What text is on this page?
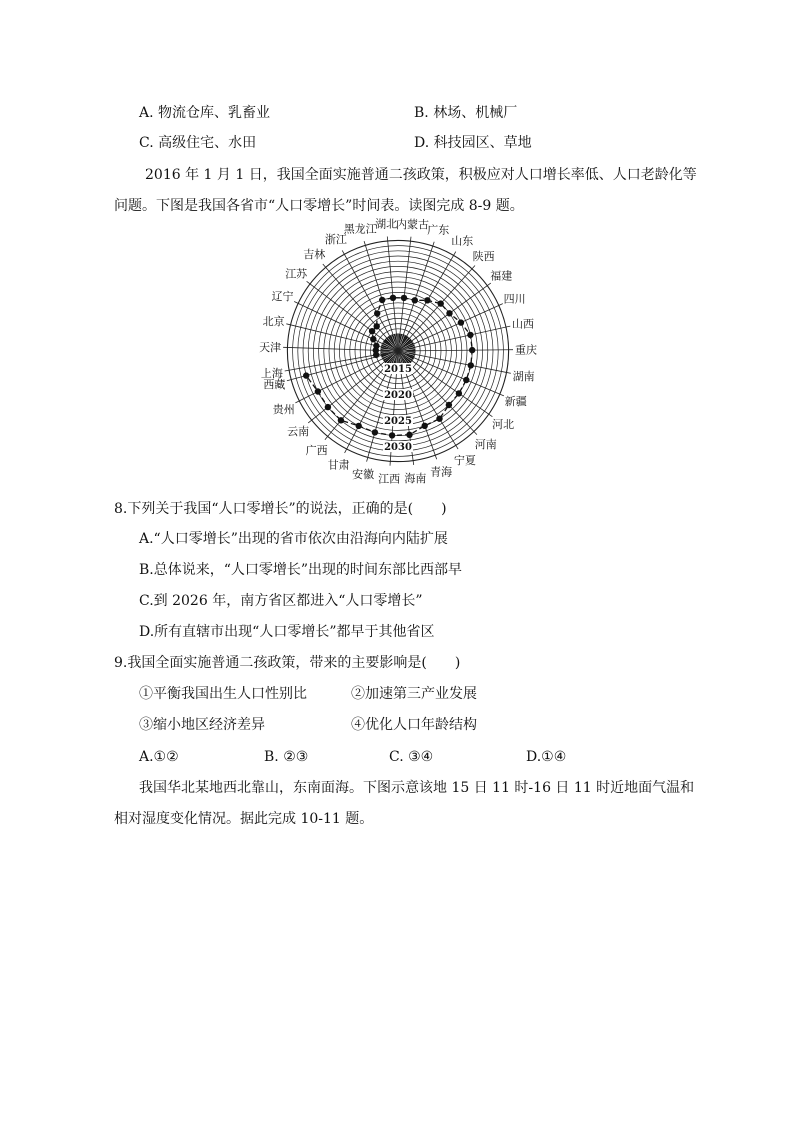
A. 物流仓库、乳畜业	B. 林场、机械厂
C. 高级住宅、水田	D. 科技园区、草地
2016 年 1 月 1 日，我国全面实施普通二孩政策，积极应对人口增长率低、人口老龄化等
问题。下图是我国各省市“人口零增长”时间表。读图完成 8-9 题。
上海
天津
北京
辽宁
江苏
吉林
浙江
黑龙江
湖北
内蒙古
广东
山东
陕西
福建
四川
山西
重庆
湖南
新疆
河北
河南
宁夏
青海
海南
江西
安徽
甘肃
广西
云南
贵州
西藏
2015
2020
2025
2030
8.下列关于我国“人口零增长”的说法，正确的是(　　)
A.“人口零增长”出现的省市依次由沿海向内陆扩展
B.总体说来，“人口零增长”出现的时间东部比西部早
C.到 2026 年，南方省区都进入“人口零增长”
D.所有直辖市出现“人口零增长”都早于其他省区
9.我国全面实施普通二孩政策，带来的主要影响是(　　)
①平衡我国出生人口性别比	②加速第三产业发展
③缩小地区经济差异	④优化人口年龄结构
A.①②	B. ②③	C. ③④	D.①④
我国华北某地西北靠山，东南面海。下图示意该地 15 日 11 时-16 日 11 时近地面气温和
相对湿度变化情况。据此完成 10-11 题。
